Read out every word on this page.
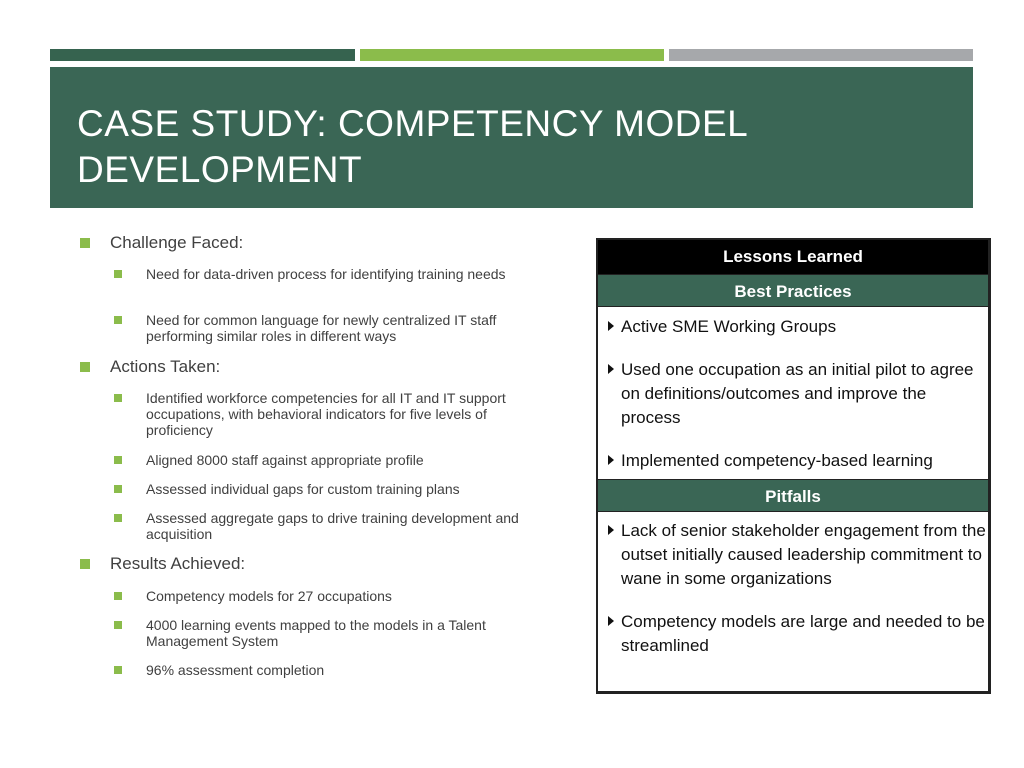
CASE STUDY: COMPETENCY MODEL DEVELOPMENT
Challenge Faced:
Need for data-driven process for identifying training needs
Need for common language for newly centralized IT staff performing similar roles in different ways
Actions Taken:
Identified workforce competencies for all IT and IT support occupations, with behavioral indicators for five levels of proficiency
Aligned 8000 staff against appropriate profile
Assessed individual gaps for custom training plans
Assessed aggregate gaps to drive training development and acquisition
Results Achieved:
Competency models for 27 occupations
4000 learning events mapped to the models in a Talent Management System
96% assessment completion
Lessons Learned
Best Practices
Active SME Working Groups
Used one occupation as an initial pilot to agree on definitions/outcomes and improve the process
Implemented competency-based learning
Pitfalls
Lack of senior stakeholder engagement from the outset initially caused leadership commitment to wane in some organizations
Competency models are large and needed to be streamlined
